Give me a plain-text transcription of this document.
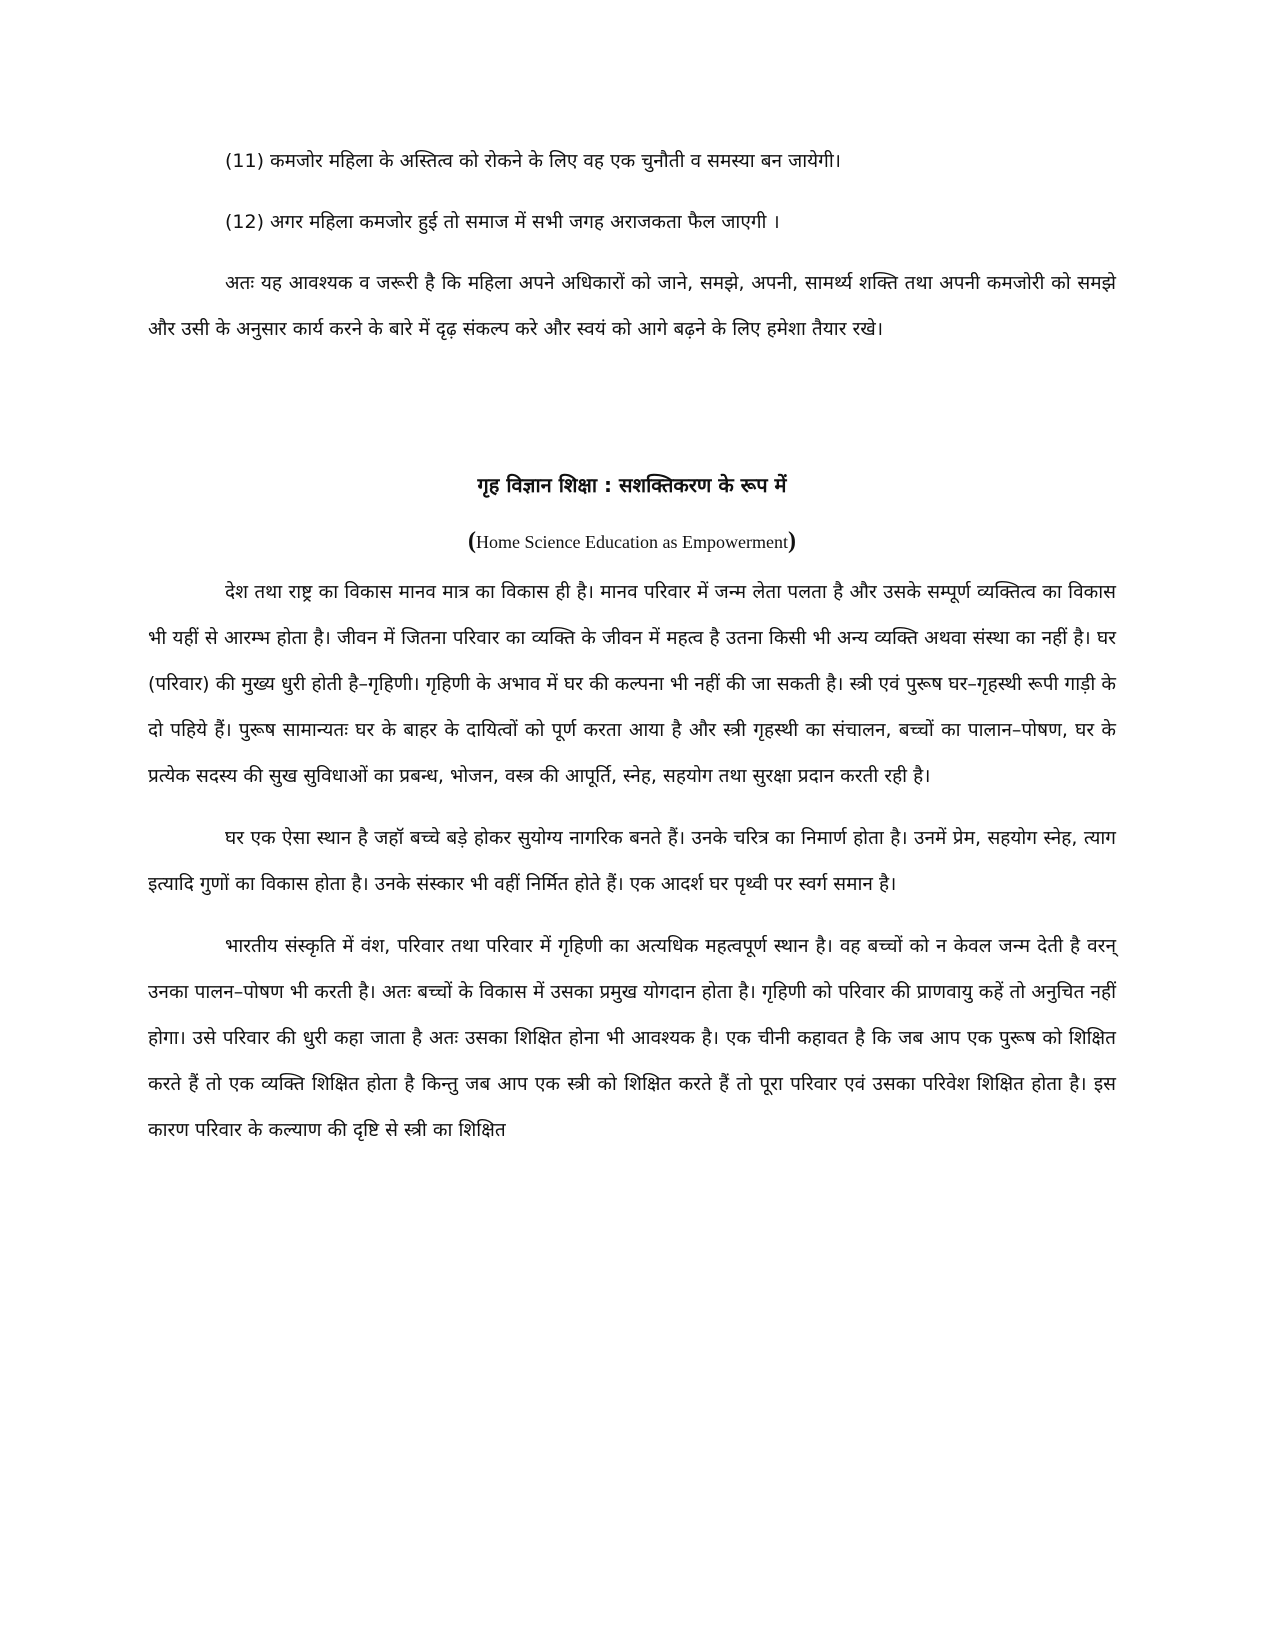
(11) कमजोर महिला के अस्तित्व को रोकने के लिए वह एक चुनौती व समस्या बन जायेगी।

(12) अगर महिला कमजोर हुई तो समाज में सभी जगह अराजकता फैल जाएगी ।

अतः यह आवश्यक व जरूरी है कि महिला अपने अधिकारों को जाने, समझे, अपनी, सामर्थ्य शक्ति तथा अपनी कमजोरी को समझे और उसी के अनुसार कार्य करने के बारे में दृढ़ संकल्प करे और स्वयं को आगे बढ़ने के लिए हमेशा तैयार रखे।

गृह विज्ञान शिक्षा : सशक्तिकरण के रूप में

(Home Science Education as Empowerment)

देश तथा राष्ट्र का विकास मानव मात्र का विकास ही है। मानव परिवार में जन्म लेता पलता है और उसके सम्पूर्ण व्यक्तित्व का विकास भी यहीं से आरम्भ होता है। जीवन में जितना परिवार का व्यक्ति के जीवन में महत्व है उतना किसी भी अन्य व्यक्ति अथवा संस्था का नहीं है। घर (परिवार) की मुख्य धुरी होती है–गृहिणी। गृहिणी के अभाव में घर की कल्पना भी नहीं की जा सकती है। स्त्री एवं पुरूष घर–गृहस्थी रूपी गाड़ी के दो पहिये हैं। पुरूष सामान्यतः घर के बाहर के दायित्वों को पूर्ण करता आया है और स्त्री गृहस्थी का संचालन, बच्चों का पालान–पोषण, घर के प्रत्येक सदस्य की सुख सुविधाओं का प्रबन्ध, भोजन, वस्त्र की आपूर्ति, स्नेह, सहयोग तथा सुरक्षा प्रदान करती रही है।

घर एक ऐसा स्थान है जहॉ बच्चे बड़े होकर सुयोग्य नागरिक बनते हैं। उनके चरित्र का निमार्ण होता है। उनमें प्रेम, सहयोग स्नेह, त्याग इत्यादि गुणों का विकास होता है। उनके संस्कार भी वहीं निर्मित होते हैं। एक आदर्श घर पृथ्वी पर स्वर्ग समान है।

भारतीय संस्कृति में वंश, परिवार तथा परिवार में गृहिणी का अत्यधिक महत्वपूर्ण स्थान है। वह बच्चों को न केवल जन्म देती है वरन् उनका पालन–पोषण भी करती है। अतः बच्चों के विकास में उसका प्रमुख योगदान होता है। गृहिणी को परिवार की प्राणवायु कहें तो अनुचित नहीं होगा। उसे परिवार की धुरी कहा जाता है अतः उसका शिक्षित होना भी आवश्यक है। एक चीनी कहावत है कि जब आप एक पुरूष को शिक्षित करते हैं तो एक व्यक्ति शिक्षित होता है किन्तु जब आप एक स्त्री को शिक्षित करते हैं तो पूरा परिवार एवं उसका परिवेश शिक्षित होता है। इस कारण परिवार के कल्याण की दृष्टि से स्त्री का शिक्षित
